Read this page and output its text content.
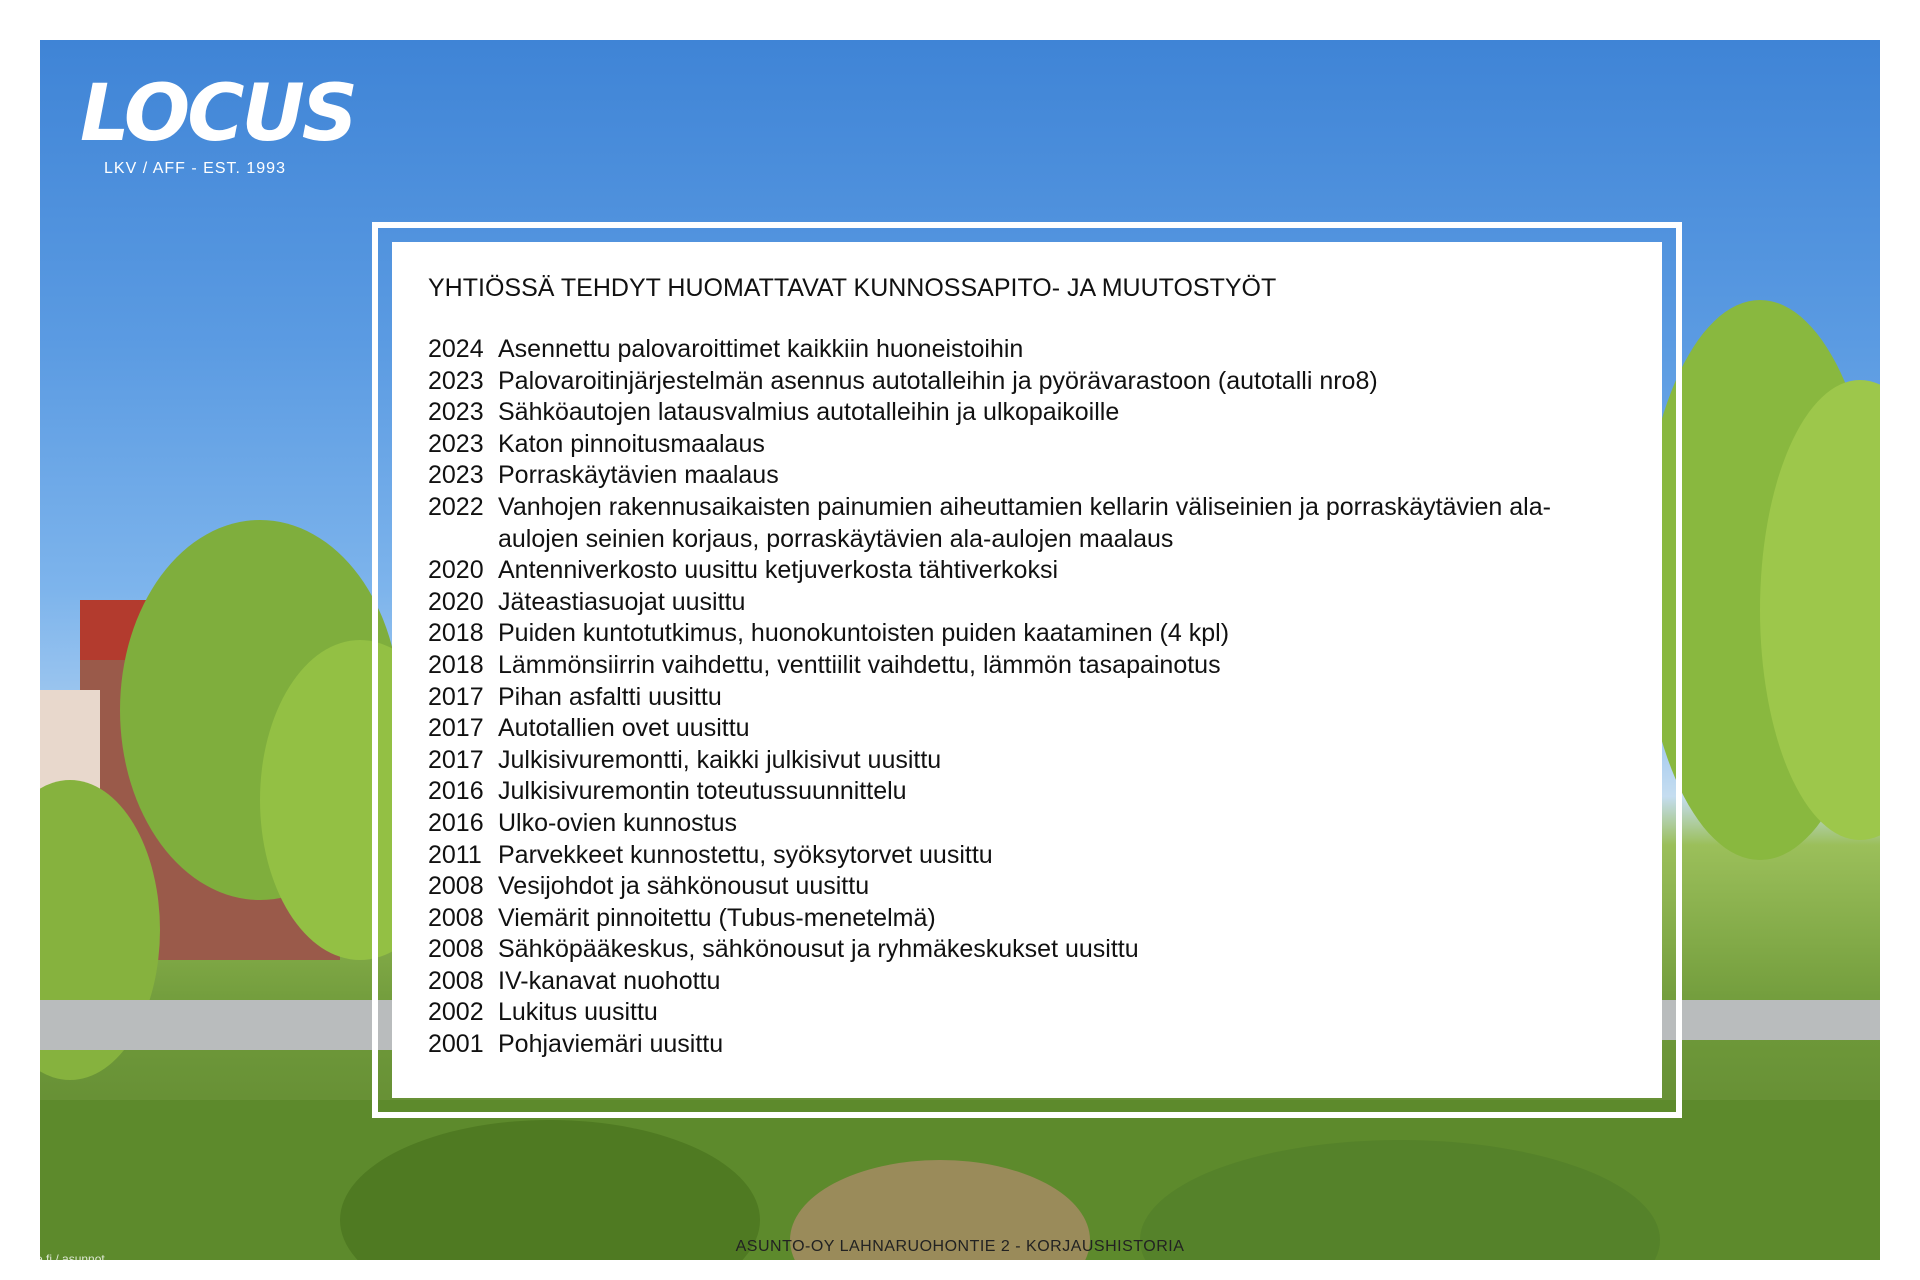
LOCUS
LKV / AFF - EST. 1993
YHTIÖSSÄ TEHDYT HUOMATTAVAT KUNNOSSAPITO- JA MUUTOSTYÖT
2024 Asennettu palovaroittimet kaikkiin huoneistoihin
2023 Palovaroitinjärjestelmän asennus autotalleihin ja pyörävarastoon (autotalli nro8)
2023 Sähköautojen latausvalmius autotalleihin ja ulkopaikoille
2023 Katon pinnoitusmaalaus
2023 Porraskäytävien maalaus
2022 Vanhojen rakennusaikaisten painumien aiheuttamien kellarin väliseinien ja porraskäytävien ala-aulojen seinien korjaus, porraskäytävien ala-aulojen maalaus
2020 Antenniverkosto uusittu ketjuverkosta tähtiverkoksi
2020 Jäteastiasuojat uusittu
2018 Puiden kuntotutkimus, huonokuntoisten puiden kaataminen (4 kpl)
2018 Lämmönsiirrin vaihdettu, venttiilit vaihdettu, lämmön tasapainotus
2017 Pihan asfaltti uusittu
2017 Autotallien ovet uusittu
2017 Julkisivuremontti, kaikki julkisivut uusittu
2016 Julkisivuremontin toteutussuunnittelu
2016 Ulko-ovien kunnostus
2011 Parvekkeet kunnostettu, syöksytorvet uusittu
2008 Vesijohdot ja sähkönousut uusittu
2008 Viemärit pinnoitettu (Tubus-menetelmä)
2008 Sähköpääkeskus, sähkönousut ja ryhmäkeskukset uusittu
2008 IV-kanavat nuohottu
2002 Lukitus uusittu
2001 Pohjaviemäri uusittu
ASUNTO-OY LAHNARUOHONTIE 2 - KORJAUSHISTORIA
oikotie.fi / asunnot
